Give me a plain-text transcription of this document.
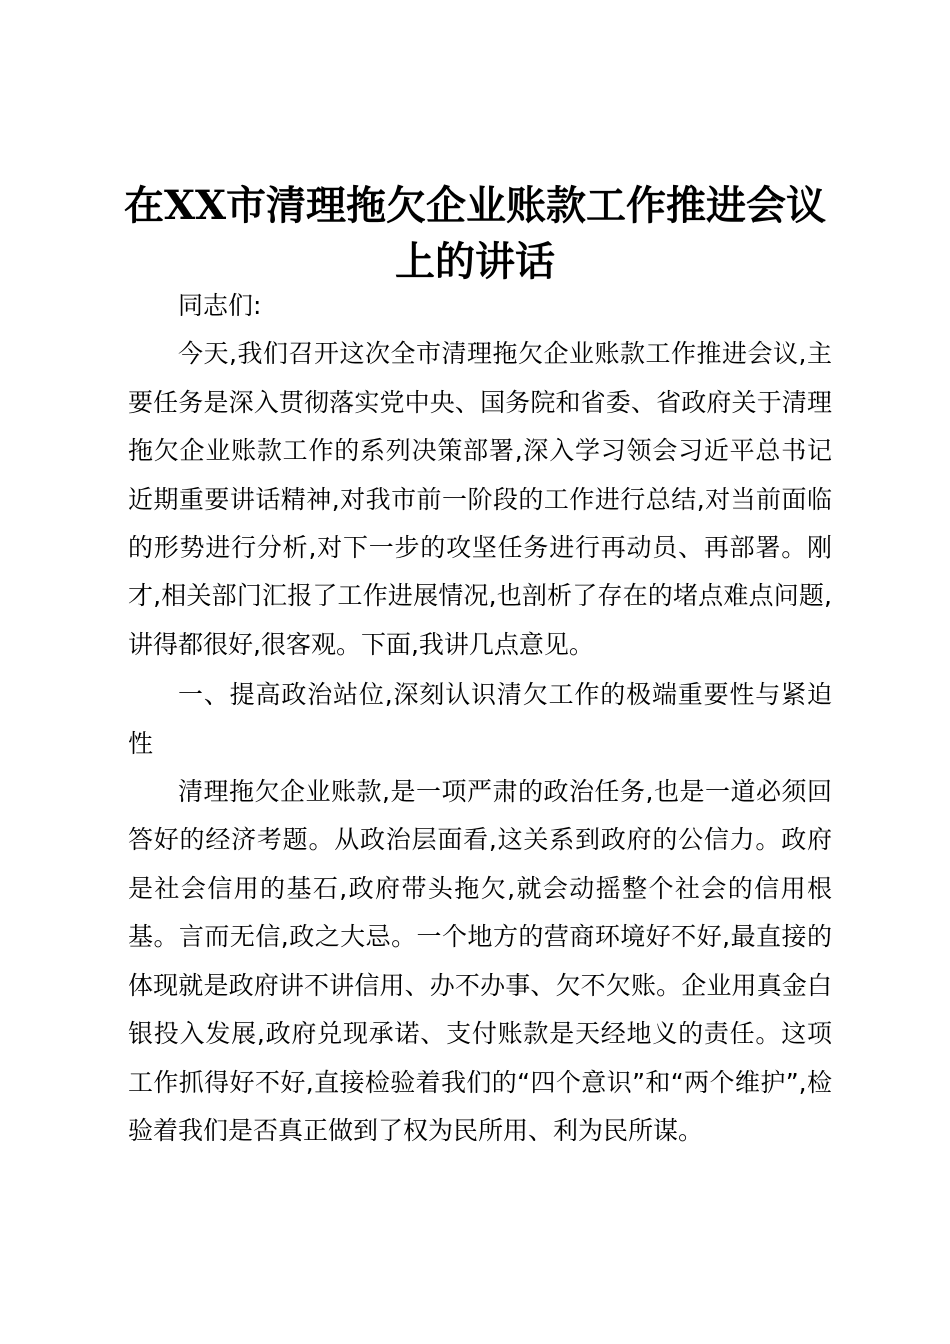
在XX市清理拖欠企业账款工作推进会议上的讲话

同志们:

今天,我们召开这次全市清理拖欠企业账款工作推进会议,主要任务是深入贯彻落实党中央、国务院和省委、省政府关于清理拖欠企业账款工作的系列决策部署,深入学习领会习近平总书记近期重要讲话精神,对我市前一阶段的工作进行总结,对当前面临的形势进行分析,对下一步的攻坚任务进行再动员、再部署。刚才,相关部门汇报了工作进展情况,也剖析了存在的堵点难点问题,讲得都很好,很客观。下面,我讲几点意见。

一、提高政治站位,深刻认识清欠工作的极端重要性与紧迫性

清理拖欠企业账款,是一项严肃的政治任务,也是一道必须回答好的经济考题。从政治层面看,这关系到政府的公信力。政府是社会信用的基石,政府带头拖欠,就会动摇整个社会的信用根基。言而无信,政之大忌。一个地方的营商环境好不好,最直接的体现就是政府讲不讲信用、办不办事、欠不欠账。企业用真金白银投入发展,政府兑现承诺、支付账款是天经地义的责任。这项工作抓得好不好,直接检验着我们的“四个意识”和“两个维护”,检验着我们是否真正做到了权为民所用、利为民所谋。
